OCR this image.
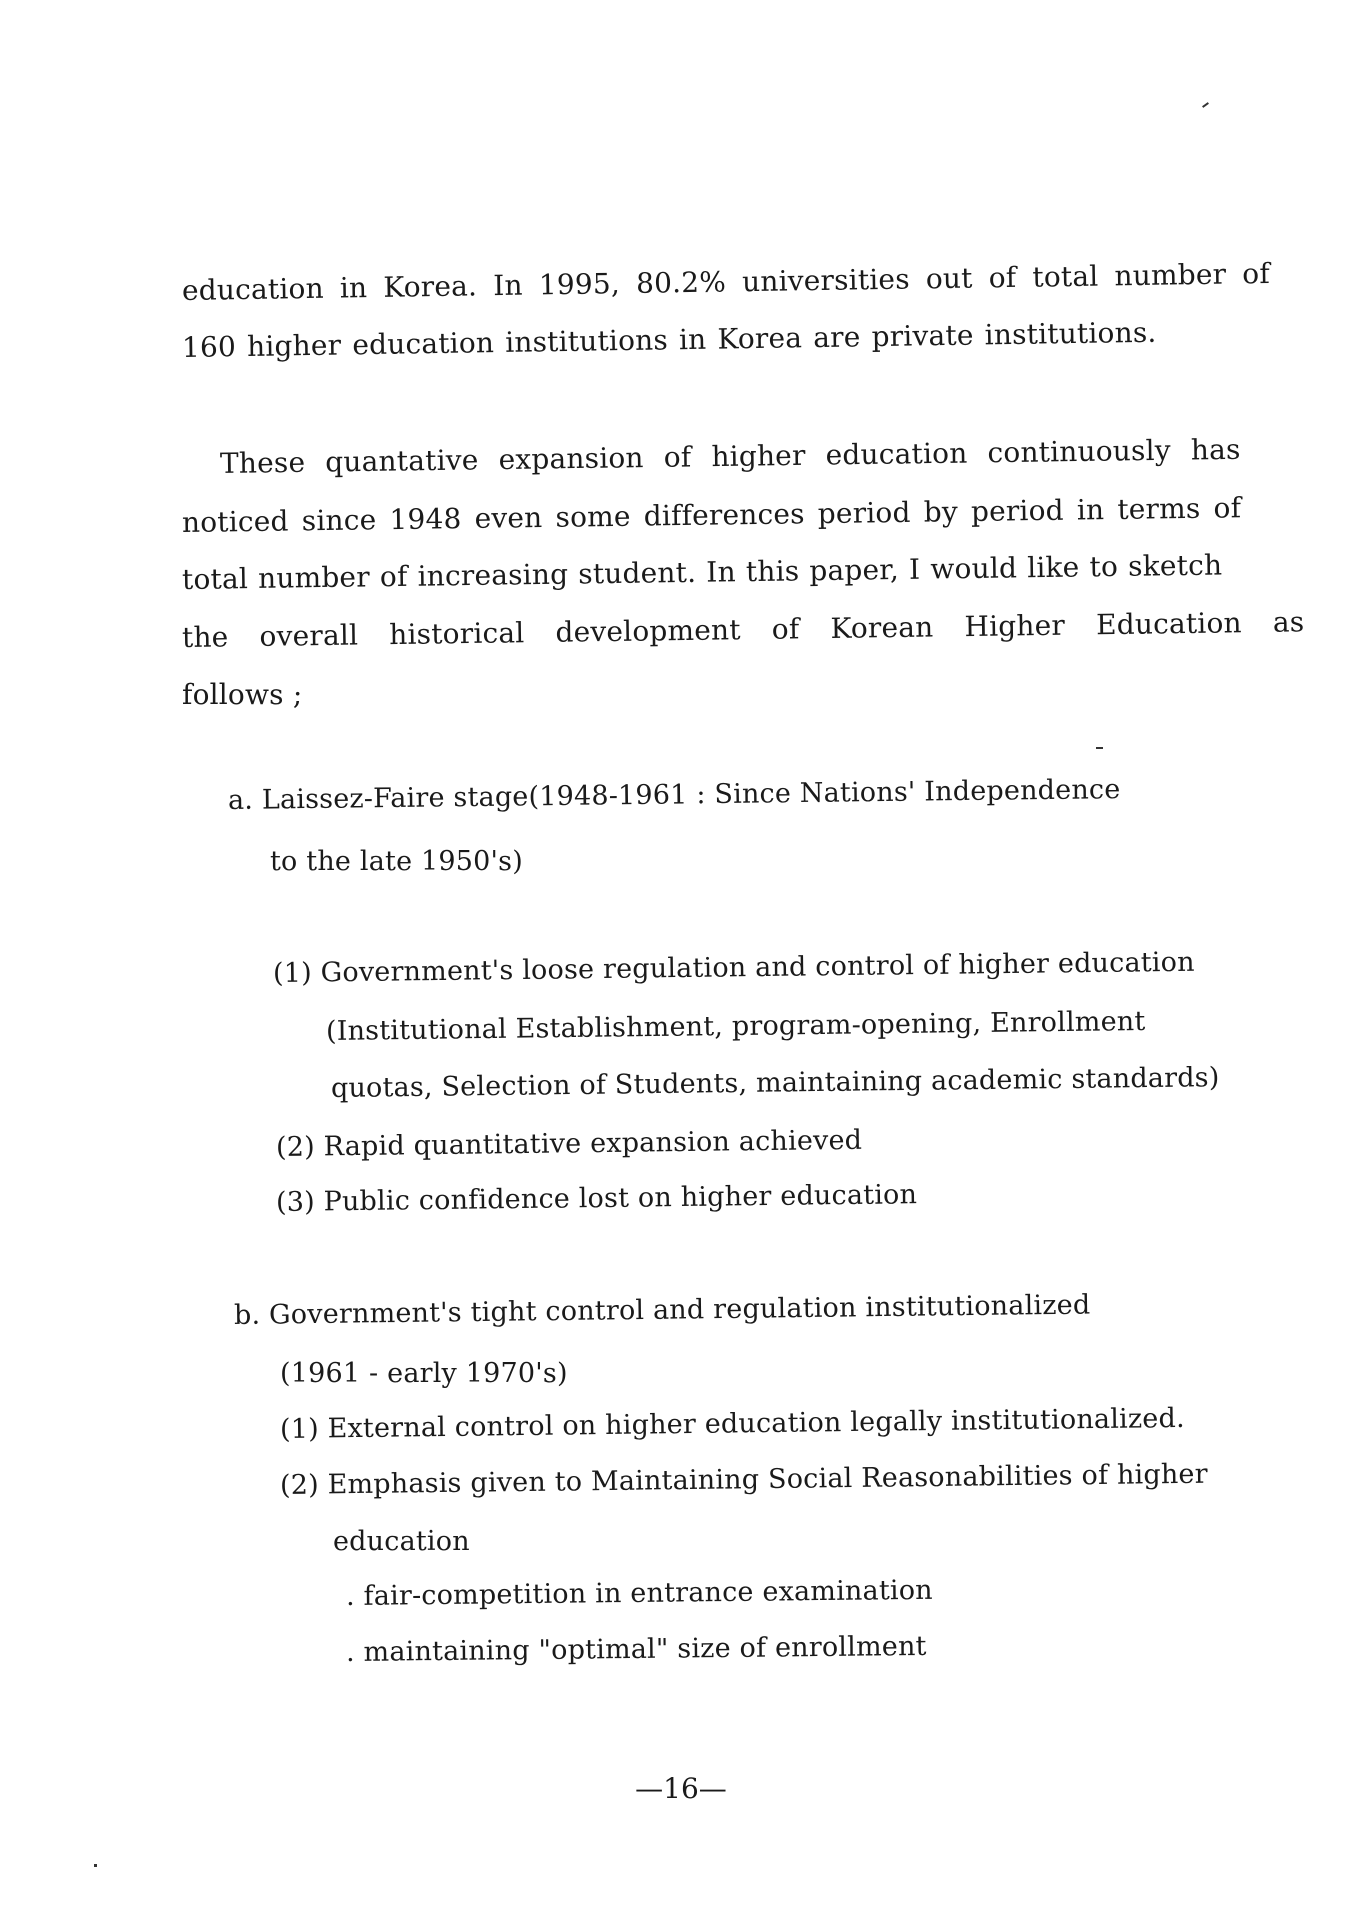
education in Korea. In 1995, 80.2% universities out of total number of
160 higher education institutions in Korea are private institutions.
These quantative expansion of higher education continuously has
noticed since 1948 even some differences period by period in terms of
total number of increasing student. In this paper, I would like to sketch
the overall historical development of Korean Higher Education as
follows ;
a. Laissez-Faire stage(1948-1961 : Since Nations' Independence
to the late 1950's)
(1) Government's loose regulation and control of higher education
(Institutional Establishment, program-opening, Enrollment
quotas, Selection of Students, maintaining academic standards)
(2) Rapid quantitative expansion achieved
(3) Public confidence lost on higher education
b. Government's tight control and regulation institutionalized
(1961 - early 1970's)
(1) External control on higher education legally institutionalized.
(2) Emphasis given to Maintaining Social Reasonabilities of higher
education
. fair-competition in entrance examination
. maintaining "optimal" size of enrollment
—16—
